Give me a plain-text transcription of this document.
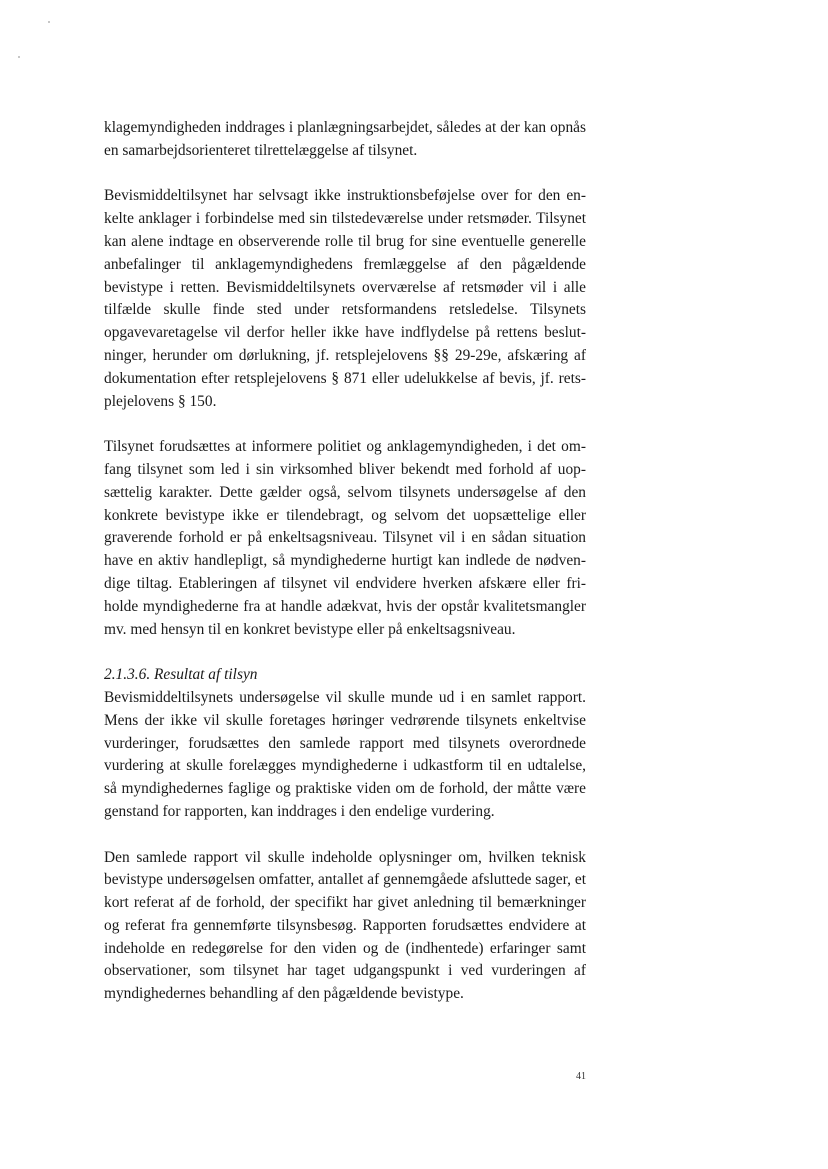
klagemyndigheden inddrages i planlægningsarbejdet, således at der kan opnås en samarbejdsorienteret tilrettelæggelse af tilsynet.

Bevismiddeltilsynet har selvsagt ikke instruktionsbeføjelse over for den enkelte anklager i forbindelse med sin tilstedeværelse under retsmøder. Tilsynet kan alene indtage en observerende rolle til brug for sine eventuelle generelle anbefalinger til anklagemyndighedens fremlæggelse af den pågældende bevistype i retten. Bevismiddeltilsynets overværelse af retsmøder vil i alle tilfælde skulle finde sted under retsformandens retsledelse. Tilsynets opgavevaretagelse vil derfor heller ikke have indflydelse på rettens beslutninger, herunder om dørlukning, jf. retsplejelovens §§ 29-29e, afskæring af dokumentation efter retsplejelovens § 871 eller udelukkelse af bevis, jf. retsplejelovens § 150.

Tilsynet forudsættes at informere politiet og anklagemyndigheden, i det omfang tilsynet som led i sin virksomhed bliver bekendt med forhold af uopsættelig karakter. Dette gælder også, selvom tilsynets undersøgelse af den konkrete bevistype ikke er tilendebragt, og selvom det uopsættelige eller graverende forhold er på enkeltsagsniveau. Tilsynet vil i en sådan situation have en aktiv handlepligt, så myndighederne hurtigt kan indlede de nødvendige tiltag. Etableringen af tilsynet vil endvidere hverken afskære eller friholde myndighederne fra at handle adækvat, hvis der opstår kvalitetsmangler mv. med hensyn til en konkret bevistype eller på enkeltsagsniveau.

2.1.3.6. Resultat af tilsyn

Bevismiddeltilsynets undersøgelse vil skulle munde ud i en samlet rapport. Mens der ikke vil skulle foretages høringer vedrørende tilsynets enkeltvise vurderinger, forudsættes den samlede rapport med tilsynets overordnede vurdering at skulle forelægges myndighederne i udkastform til en udtalelse, så myndighedernes faglige og praktiske viden om de forhold, der måtte være genstand for rapporten, kan inddrages i den endelige vurdering.

Den samlede rapport vil skulle indeholde oplysninger om, hvilken teknisk bevistype undersøgelsen omfatter, antallet af gennemgåede afsluttede sager, et kort referat af de forhold, der specifikt har givet anledning til bemærkninger og referat fra gennemførte tilsynsbesøg. Rapporten forudsættes endvidere at indeholde en redegørelse for den viden og de (indhentede) erfaringer samt observationer, som tilsynet har taget udgangspunkt i ved vurderingen af myndighedernes behandling af den pågældende bevistype.

41
